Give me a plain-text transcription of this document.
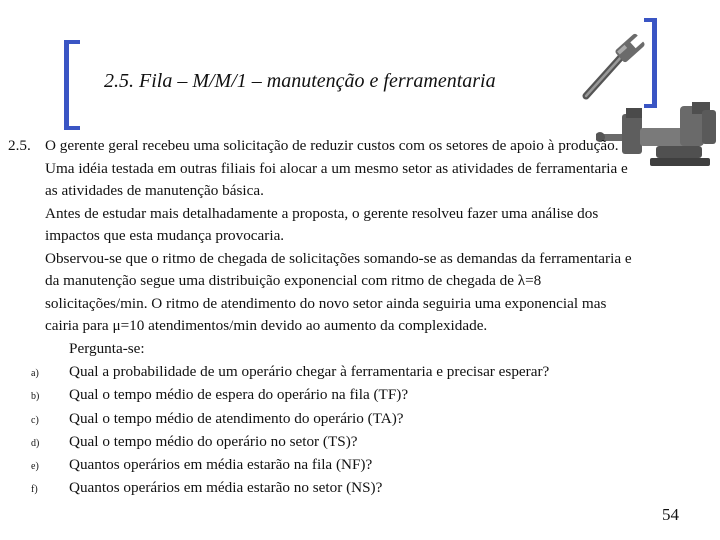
2.5. Fila – M/M/1 – manutenção e ferramentaria
2.5. O gerente geral recebeu uma solicitação de reduzir custos com os setores de apoio à produção. Uma idéia testada em outras filiais foi alocar a um mesmo setor as atividades de ferramentaria e as atividades de manutenção básica.
Antes de estudar mais detalhadamente a proposta, o gerente resolveu fazer uma análise dos impactos que esta mudança provocaria.
Observou-se que o ritmo de chegada de solicitações somando-se as demandas da ferramentaria e da manutenção segue uma distribuição exponencial com ritmo de chegada de λ=8 solicitações/min. O ritmo de atendimento do novo setor ainda seguiria uma exponencial mas cairia para μ=10 atendimentos/min devido ao aumento da complexidade.
Pergunta-se:
a) Qual a probabilidade de um operário chegar à ferramentaria e precisar esperar?
b) Qual o tempo médio de espera do operário na fila (TF)?
c) Qual o tempo médio de atendimento do operário (TA)?
d) Qual o tempo médio do operário no setor (TS)?
e) Quantos operários em média estarão na fila (NF)?
f) Quantos operários em média estarão no setor (NS)?
54
